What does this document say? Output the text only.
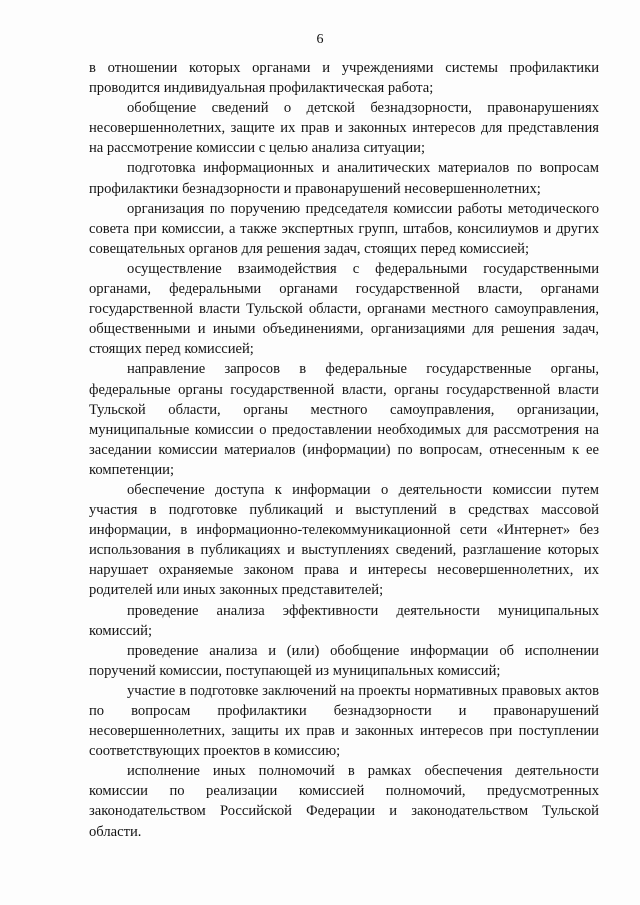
6

в отношении которых органами и учреждениями системы профилактики проводится индивидуальная профилактическая работа;

обобщение сведений о детской безнадзорности, правонарушениях несовершеннолетних, защите их прав и законных интересов для представления на рассмотрение комиссии с целью анализа ситуации;

подготовка информационных и аналитических материалов по вопросам профилактики безнадзорности и правонарушений несовершеннолетних;

организация по поручению председателя комиссии работы методического совета при комиссии, а также экспертных групп, штабов, консилиумов и других совещательных органов для решения задач, стоящих перед комиссией;

осуществление взаимодействия с федеральными государственными органами, федеральными органами государственной власти, органами государственной власти Тульской области, органами местного самоуправления, общественными и иными объединениями, организациями для решения задач, стоящих перед комиссией;

направление запросов в федеральные государственные органы, федеральные органы государственной власти, органы государственной власти Тульской области, органы местного самоуправления, организации, муниципальные комиссии о предоставлении необходимых для рассмотрения на заседании комиссии материалов (информации) по вопросам, отнесенным к ее компетенции;

обеспечение доступа к информации о деятельности комиссии путем участия в подготовке публикаций и выступлений в средствах массовой информации, в информационно-телекоммуникационной сети «Интернет» без использования в публикациях и выступлениях сведений, разглашение которых нарушает охраняемые законом права и интересы несовершеннолетних, их родителей или иных законных представителей;

проведение анализа эффективности деятельности муниципальных комиссий;

проведение анализа и (или) обобщение информации об исполнении поручений комиссии, поступающей из муниципальных комиссий;

участие в подготовке заключений на проекты нормативных правовых актов по вопросам профилактики безнадзорности и правонарушений несовершеннолетних, защиты их прав и законных интересов при поступлении соответствующих проектов в комиссию;

исполнение иных полномочий в рамках обеспечения деятельности комиссии по реализации комиссией полномочий, предусмотренных законодательством Российской Федерации и законодательством Тульской области.
